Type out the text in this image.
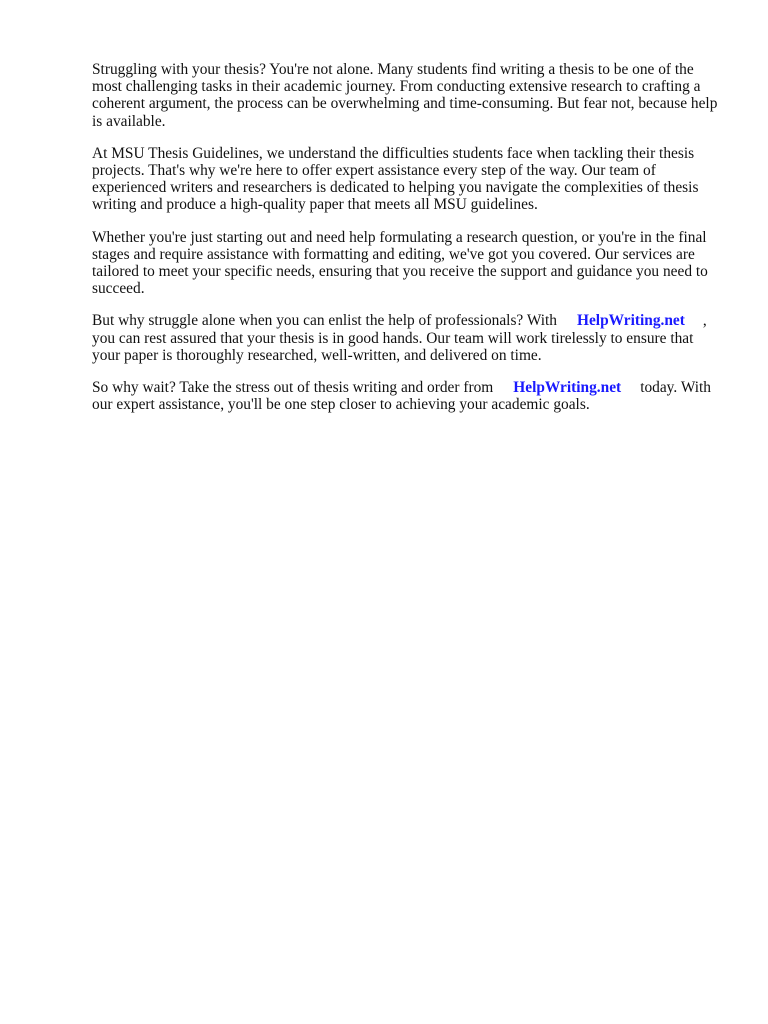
Struggling with your thesis? You're not alone. Many students find writing a thesis to be one of the most challenging tasks in their academic journey. From conducting extensive research to crafting a coherent argument, the process can be overwhelming and time-consuming. But fear not, because help is available.

At MSU Thesis Guidelines, we understand the difficulties students face when tackling their thesis projects. That's why we're here to offer expert assistance every step of the way. Our team of experienced writers and researchers is dedicated to helping you navigate the complexities of thesis writing and produce a high-quality paper that meets all MSU guidelines.

Whether you're just starting out and need help formulating a research question, or you're in the final stages and require assistance with formatting and editing, we've got you covered. Our services are tailored to meet your specific needs, ensuring that you receive the support and guidance you need to succeed.

But why struggle alone when you can enlist the help of professionals? With HelpWriting.net , you can rest assured that your thesis is in good hands. Our team will work tirelessly to ensure that your paper is thoroughly researched, well-written, and delivered on time.

So why wait? Take the stress out of thesis writing and order from HelpWriting.net today. With our expert assistance, you'll be one step closer to achieving your academic goals.
